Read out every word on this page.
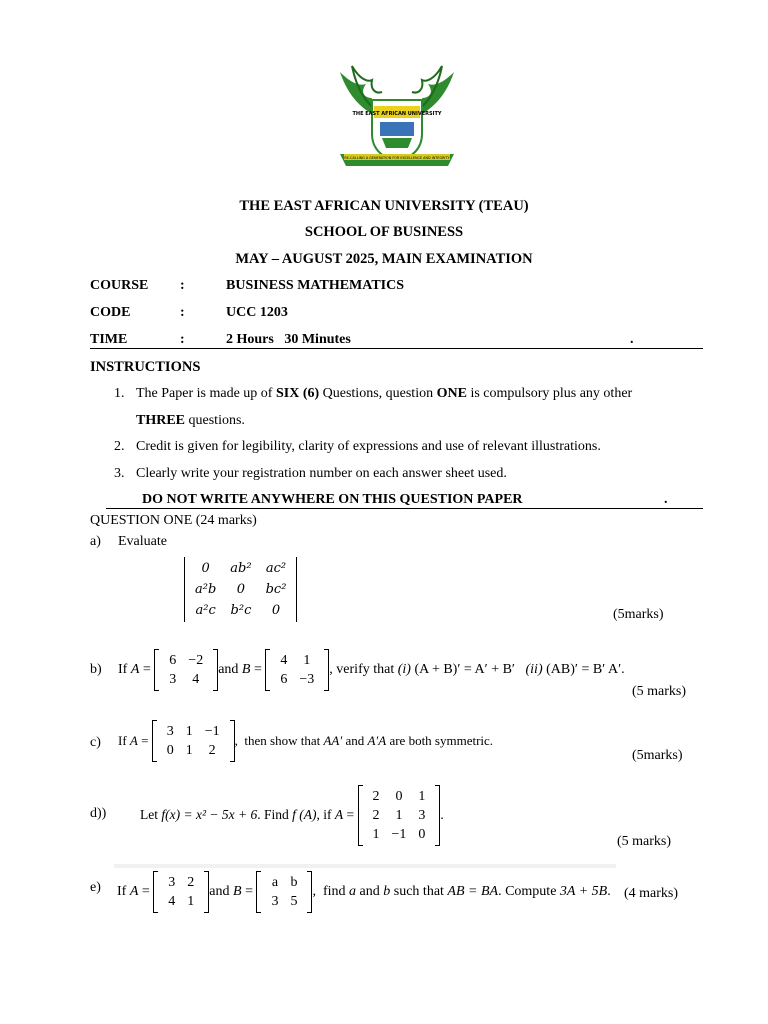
THE EAST AFRICAN UNIVERSITY
RE-CALLING A GENERATION FOR EXCELLENCE AND INTEGRITY
THE EAST AFRICAN UNIVERSITY (TEAU)
SCHOOL OF BUSINESS
MAY – AUGUST 2025, MAIN EXAMINATION
COURSE :	BUSINESS MATHEMATICS
CODE	:	UCC 1203
TIME	:	2 Hours   30 Minutes	.
INSTRUCTIONS
1. The Paper is made up of SIX (6) Questions, question ONE is compulsory plus any other
THREE questions.
2. Credit is given for legibility, clarity of expressions and use of relevant illustrations.
3. Clearly write your registration number on each answer sheet used.
DO NOT WRITE ANYWHERE ON THIS QUESTION PAPER	.
QUESTION ONE (24 marks)
a) Evaluate
0	ab²	ac²
a²b	0	bc²
a²c	b²c	0	(5marks)
b) If A =
6	−2
3	4
and B =
4	1
6	−3
, verify that (i) (A + B)′ = A′ + B′
(ii) (AB)′ = B′ A′.
(5 marks)
c) If A =
3	1	−1
0	1	2
,  then show that AA′ and A′A are both symmetric.
(5marks)
d)) Let f(x) = x² − 5x + 6 . Find f (A) , if A =
2	0	1
2	1	3
1	−1	0
.
(5 marks)
e) If A =
3	2
4	1
and B =
a	b
3	5
,  find a and b such that AB = BA . Compute 3A + 5B . (4 marks)
